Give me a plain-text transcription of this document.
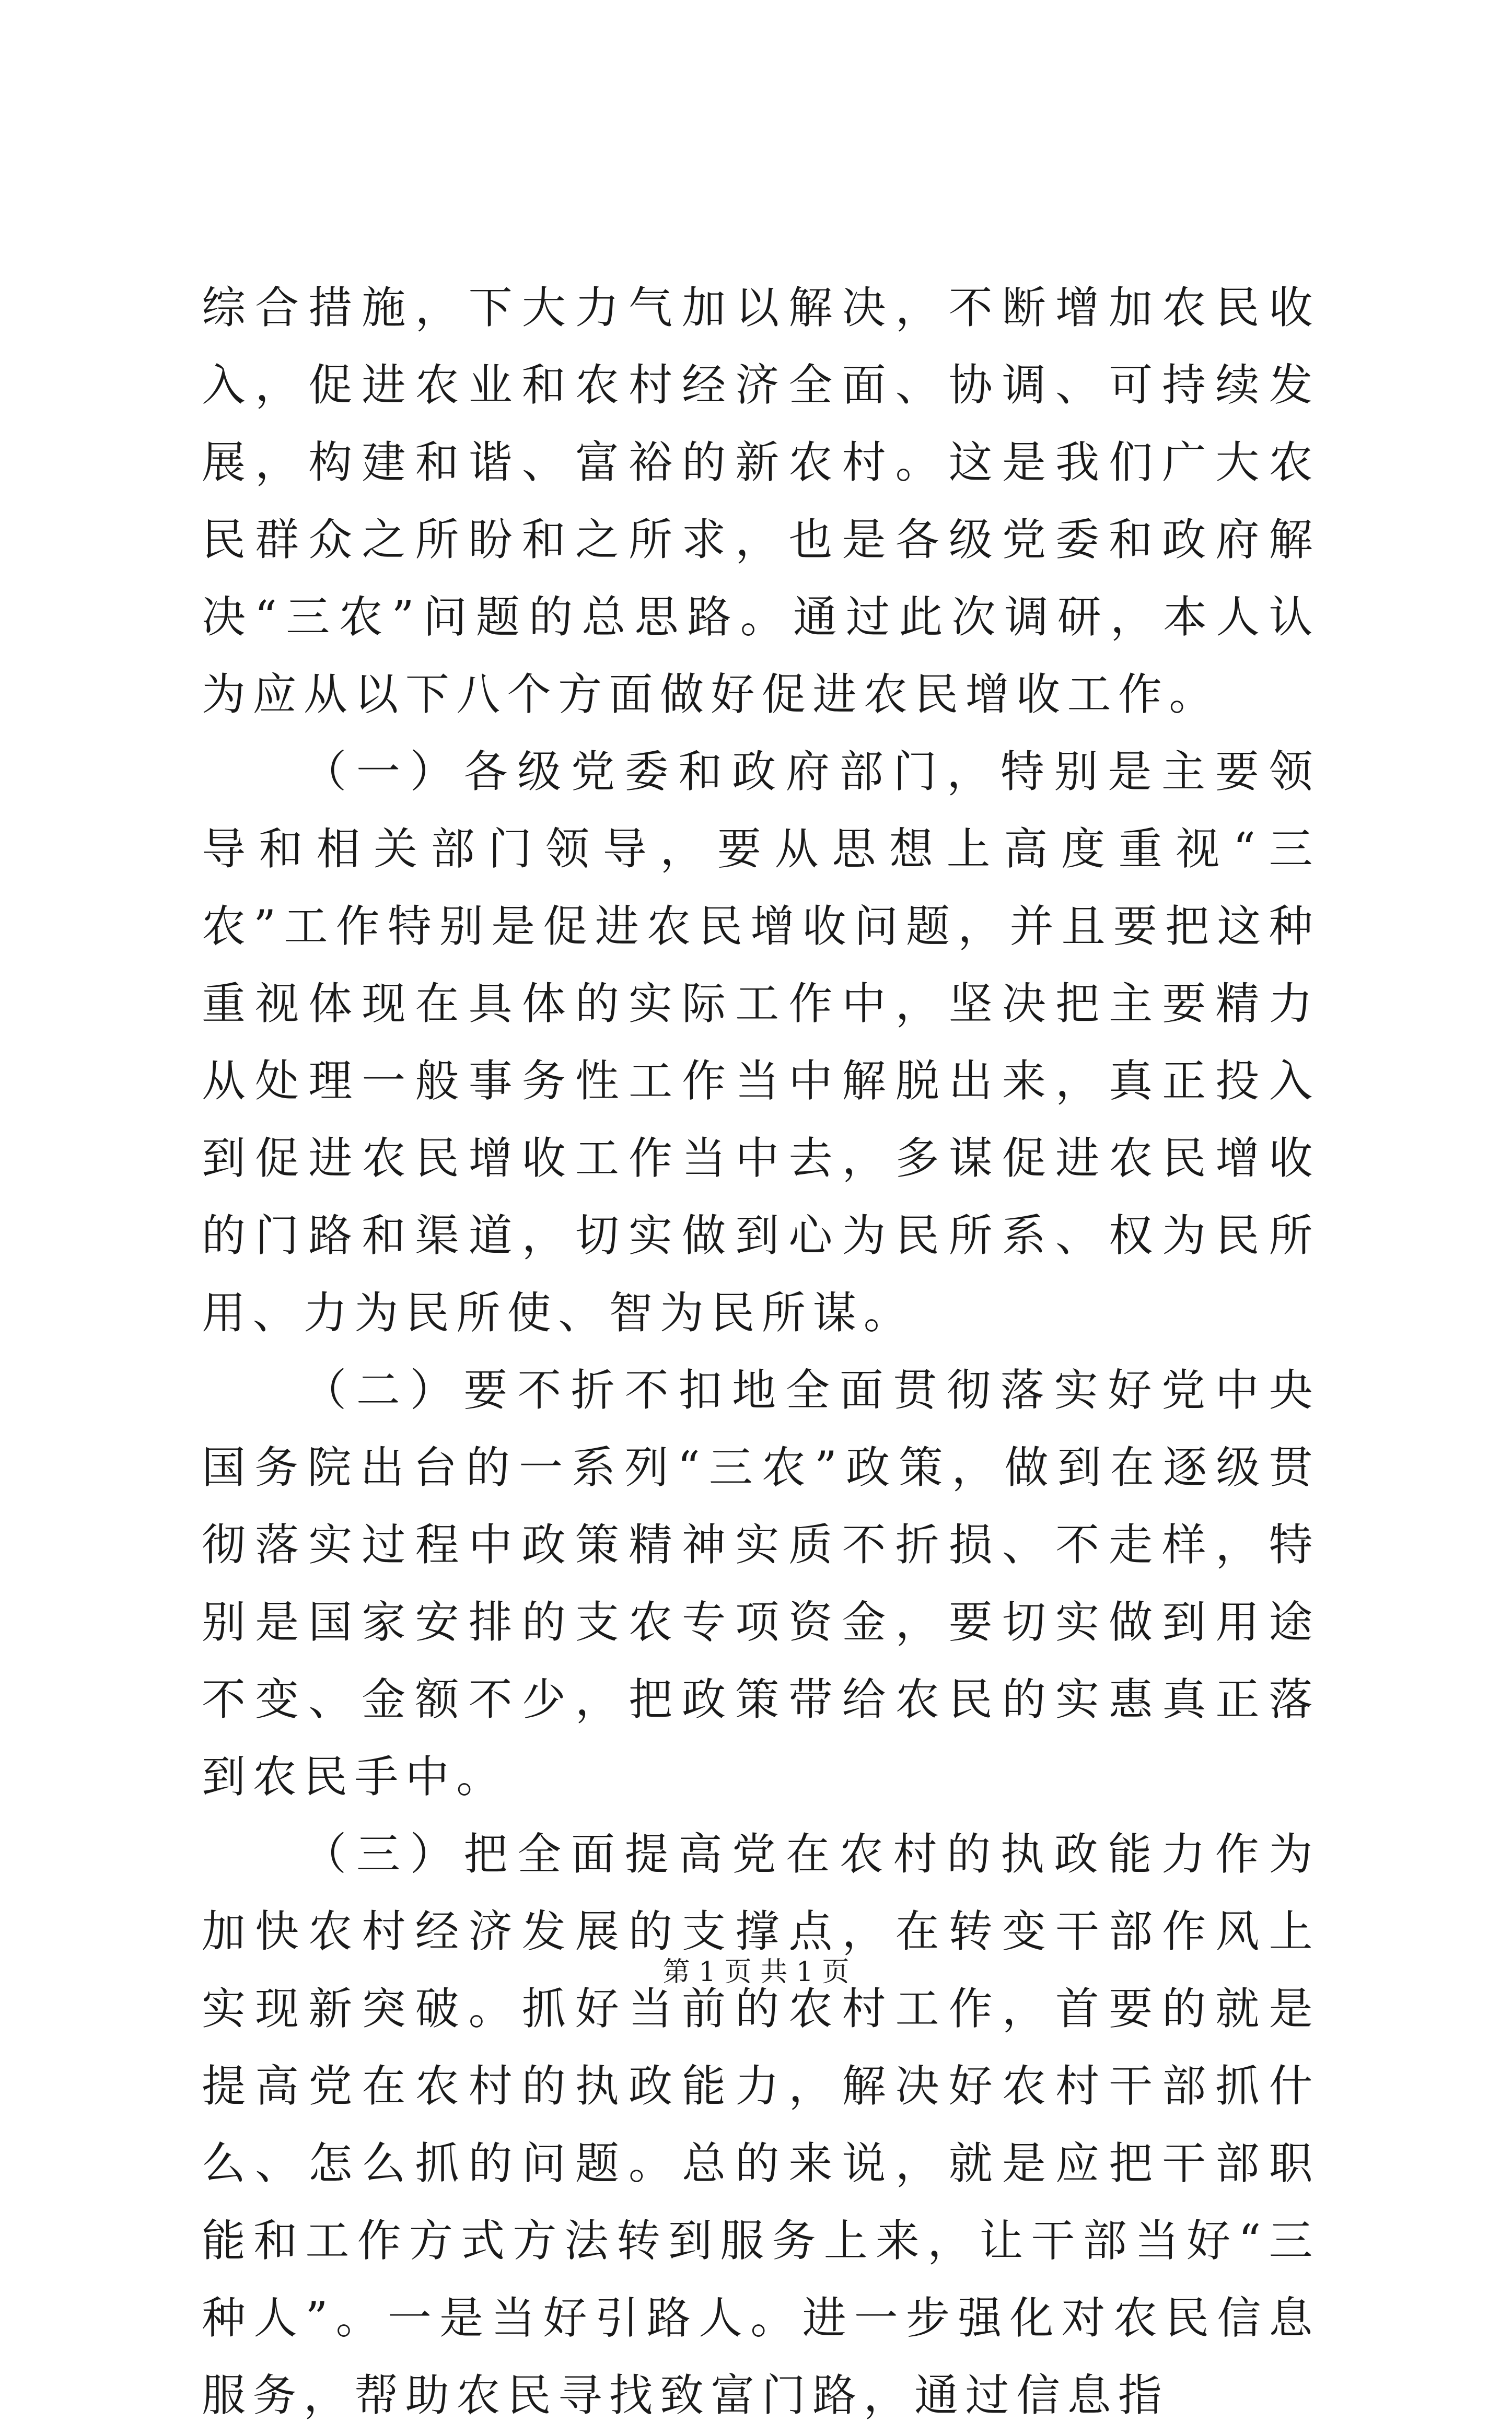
综合措施，下大力气加以解决，不断增加农民收入，促进农业和农村经济全面、协调、可持续发展，构建和谐、富裕的新农村。这是我们广大农民群众之所盼和之所求，也是各级党委和政府解决“三农”问题的总思路。通过此次调研，本人认为应从以下八个方面做好促进农民增收工作。

（一）各级党委和政府部门，特别是主要领导和相关部门领导，要从思想上高度重视“三农”工作特别是促进农民增收问题，并且要把这种重视体现在具体的实际工作中，坚决把主要精力从处理一般事务性工作当中解脱出来，真正投入到促进农民增收工作当中去，多谋促进农民增收的门路和渠道，切实做到心为民所系、权为民所用、力为民所使、智为民所谋。

（二）要不折不扣地全面贯彻落实好党中央国务院出台的一系列“三农”政策，做到在逐级贯彻落实过程中政策精神实质不折损、不走样，特别是国家安排的支农专项资金，要切实做到用途不变、金额不少，把政策带给农民的实惠真正落到农民手中。

（三）把全面提高党在农村的执政能力作为加快农村经济发展的支撑点，在转变干部作风上实现新突破。抓好当前的农村工作，首要的就是提高党在农村的执政能力，解决好农村干部抓什么、怎么抓的问题。总的来说，就是应把干部职能和工作方式方法转到服务上来，让干部当好“三种人”。一是当好引路人。进一步强化对农民信息服务，帮助农民寻找致富门路，通过信息指

第 1 页 共 1 页
